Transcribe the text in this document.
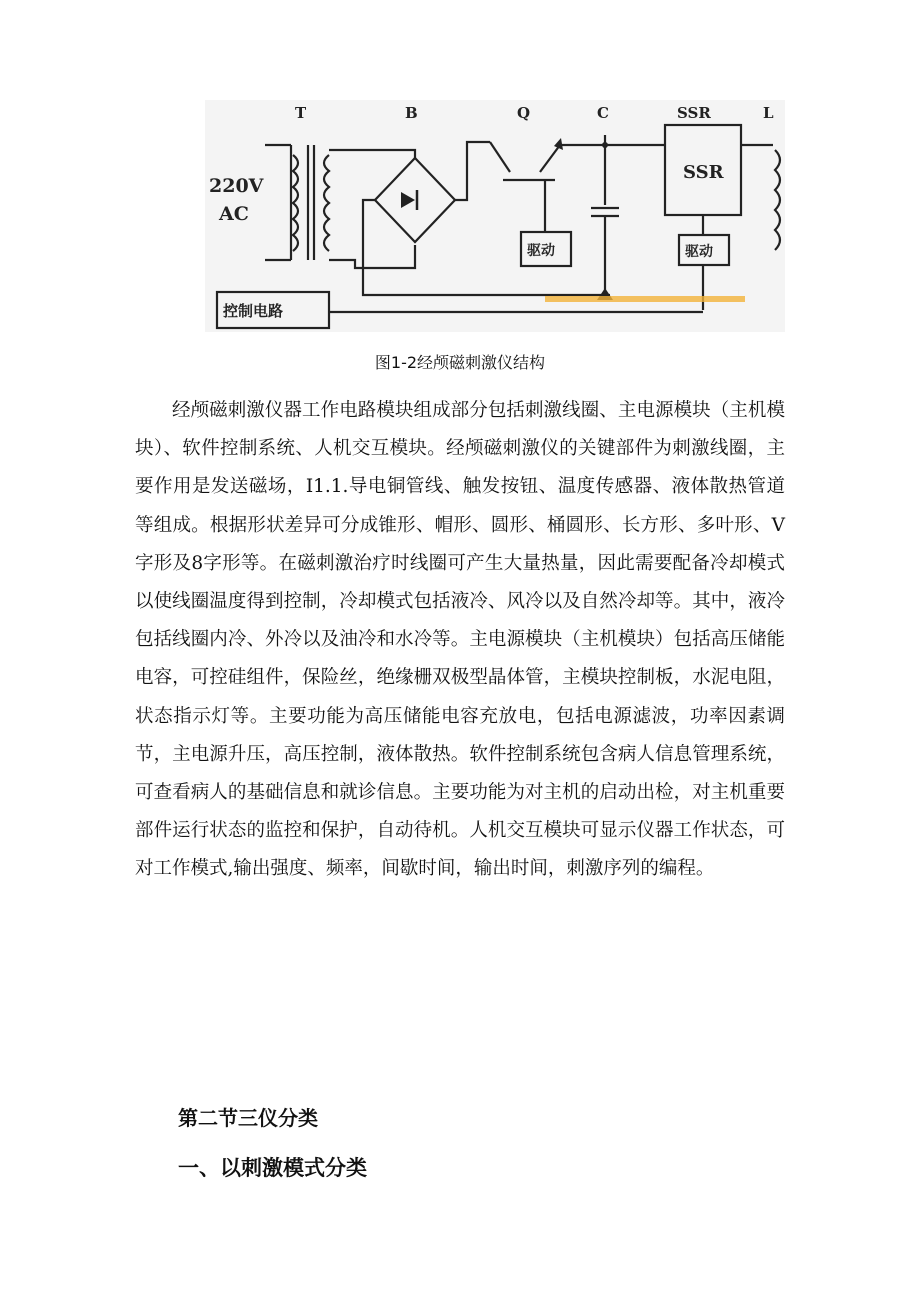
T	B	Q	C	SSR	L
220V
AC
SSR
驱动	驱动
控制电路
图1-2经颅磁刺激仪结构

经颅磁刺激仪器工作电路模块组成部分包括刺激线圈、主电源模块（主机模块）、软件控制系统、人机交互模块。经颅磁刺激仪的关键部件为刺激线圈，主要作用是发送磁场，I1.1.导电铜管线、触发按钮、温度传感器、液体散热管道等组成。根据形状差异可分成锥形、帽形、圆形、桶圆形、长方形、多叶形、V字形及8字形等。在磁刺激治疗时线圈可产生大量热量，因此需要配备冷却模式以使线圈温度得到控制，冷却模式包括液冷、风冷以及自然冷却等。其中，液冷包括线圈内冷、外冷以及油冷和水冷等。主电源模块（主机模块）包括高压储能电容，可控硅组件，保险丝，绝缘栅双极型晶体管，主模块控制板，水泥电阻，状态指示灯等。主要功能为高压储能电容充放电，包括电源滤波，功率因素调节，主电源升压，高压控制，液体散热。软件控制系统包含病人信息管理系统，可查看病人的基础信息和就诊信息。主要功能为对主机的启动出检，对主机重要部件运行状态的监控和保护，自动待机。人机交互模块可显示仪器工作状态，可对工作模式,输出强度、频率，间歇时间，输出时间，刺激序列的编程。

第二节三仪分类
一、以刺激模式分类
